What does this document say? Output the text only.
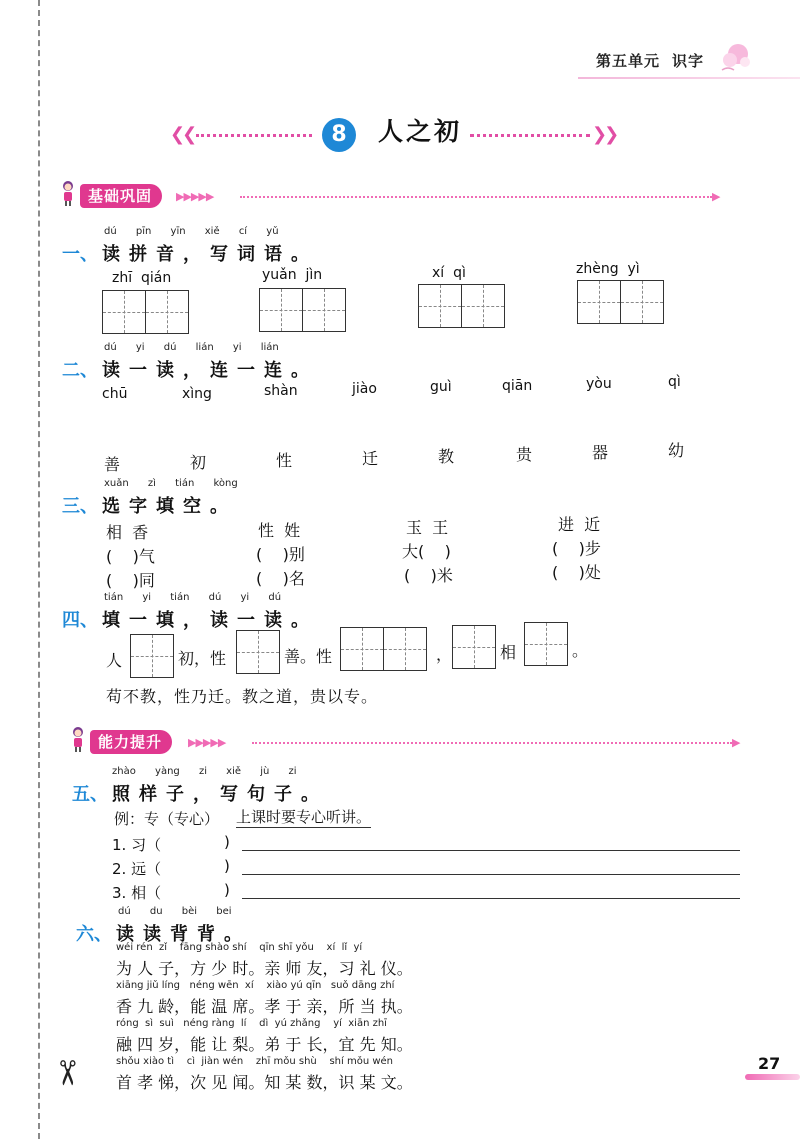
✂
第五单元 识字
❮❮	8	人之初	❯❯
基础巩固	▶▶▶▶▶	▶
dú pīn yīn xiě cí yǔ
一、 读拼音，写词语。
zhī  qián	yuǎn  jìn	xí  qì	zhèng  yì
dú yi dú lián yi lián
二、 读一读，连一连。
chū	xìng	shàn	jiào	guì	qiān	yòu	qì
善	初	性	迁	教	贵	器	幼
xuǎn zì tián kòng
三、 选字填空。
相  香
(    )气
(    )同
性  姓
(    )别
(    )名
玉  王
大(    )
(    )米
进  近
(    )步
(    )处
tián yi tián dú yi dú
四、 填一填，读一读。
人	初，性	善。性	，	相	。
苟不教，性乃迁。教之道，贵以专。
能力提升	▶▶▶▶▶	▶
zhào yàng zi xiě jù zi
五、 照样子，写句子。
例：专（专心） 上课时要专心听讲。
1. 习（	)
2. 远（	)
3. 相（	)
dú du bèi bei
六、 读读背背。
wéi rén  zǐ    fāng shào shí    qīn shī yǒu    xí  lǐ  yí
为 人 子，方 少 时。亲 师 友，习 礼 仪。
xiāng jiǔ líng   néng wēn  xí    xiào yú qīn   suǒ dāng zhí
香 九 龄，能 温 席。孝 于 亲，所 当 执。
róng  sì  suì   néng ràng  lí    dì  yú zhǎng    yí  xiān zhī
融 四 岁，能 让 梨。弟 于 长，宜 先 知。
shǒu xiào tì    cì  jiàn wén    zhī mǒu shù    shí mǒu wén
首 孝 悌，次 见 闻。知 某 数，识 某 文。
27
